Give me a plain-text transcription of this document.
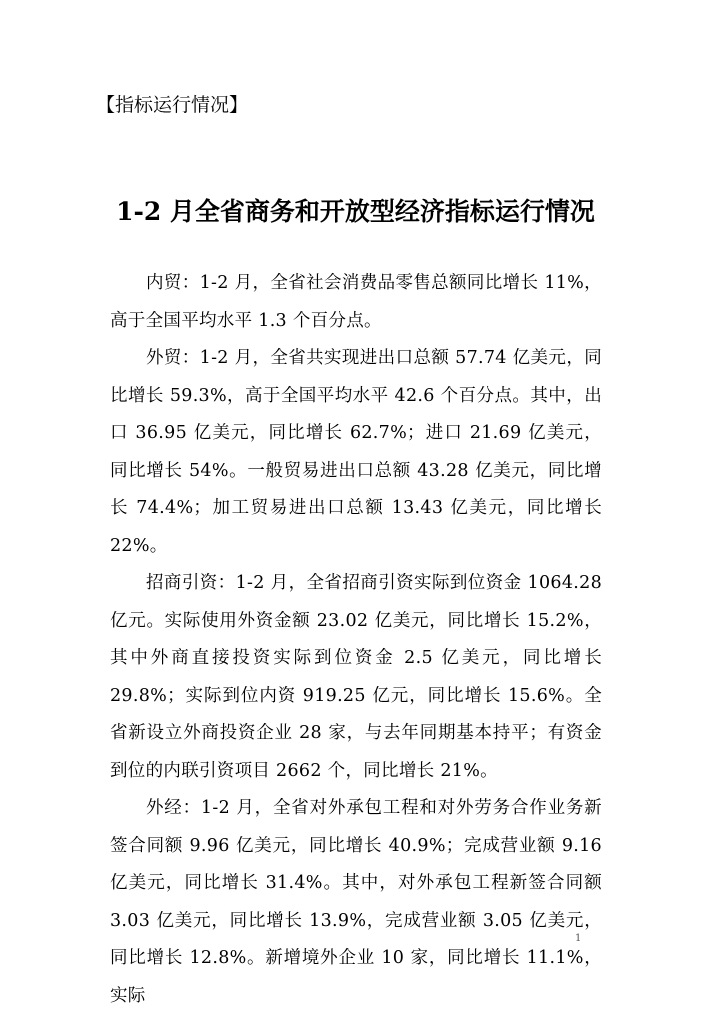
【指标运行情况】
1-2 月全省商务和开放型经济指标运行情况

内贸：1-2 月，全省社会消费品零售总额同比增长 11%，高于全国平均水平 1.3 个百分点。

外贸：1-2 月，全省共实现进出口总额 57.74 亿美元，同比增长 59.3%，高于全国平均水平 42.6 个百分点。其中，出口 36.95 亿美元，同比增长 62.7%；进口 21.69 亿美元，同比增长 54%。一般贸易进出口总额 43.28 亿美元，同比增长 74.4%；加工贸易进出口总额 13.43 亿美元，同比增长 22%。

招商引资：1-2 月，全省招商引资实际到位资金 1064.28 亿元。实际使用外资金额 23.02 亿美元，同比增长 15.2%，其中外商直接投资实际到位资金 2.5 亿美元，同比增长 29.8%；实际到位内资 919.25 亿元，同比增长 15.6%。全省新设立外商投资企业 28 家，与去年同期基本持平；有资金到位的内联引资项目 2662 个，同比增长 21%。

外经：1-2 月，全省对外承包工程和对外劳务合作业务新签合同额 9.96 亿美元，同比增长 40.9%；完成营业额 9.16 亿美元，同比增长 31.4%。其中，对外承包工程新签合同额 3.03 亿美元，同比增长 13.9%，完成营业额 3.05 亿美元，同比增长 12.8%。新增境外企业 10 家，同比增长 11.1%，实际

1
